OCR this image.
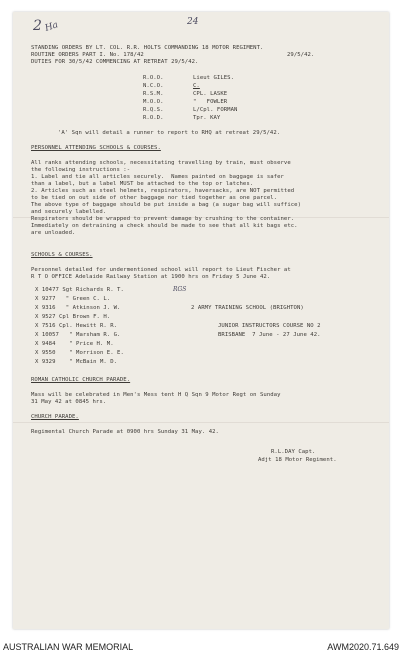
2 Ha	24
STANDING ORDERS BY LT. COL. R.R. HOLTS COMMANDING 18 MOTOR REGIMENT.
ROUTINE ORDERS PART I. No. 178/42	29/5/42.
DUTIES FOR 30/5/42 COMMENCING AT RETREAT 29/5/42.
R.O.O.	Lieut GILES.
N.C.O.	C.
R.S.M.	CPL. LASKE
M.O.O.	"   FOWLER
R.Q.S.	L/Cpl. FORMAN
R.O.D.	Tpr. KAY
'A' Sqn will detail a runner to report to RHQ at retreat 29/5/42.
PERSONNEL ATTENDING SCHOOLS & COURSES.
All ranks attending schools, necessitating travelling by train, must observe
the following instructions :-
1. Label and tie all articles securely.  Names painted on baggage is safer
than a label, but a label MUST be attached to the top or latches.
2. Articles such as steel helmets, respirators, haversacks, are NOT permitted
to be tied on out side of other baggage nor tied together as one parcel.
The above type of baggage should be put inside a bag (a sugar bag will suffice)
and securely labelled.
Respirators should be wrapped to prevent damage by crushing to the container.
Immediately on detraining a check should be made to see that all kit bags etc.
are unloaded.
SCHOOLS & COURSES.
Personnel detailed for undermentioned school will report to Lieut Fischer at
R T O OFFICE Adelaide Railway Station at 1900 hrs on Friday 5 June 42.
X 10477 Sgt Richards R. T.
X 9277 " Green C. L.
X 9316 " Atkinson J. W.
X 9527 Cpl Brown F. H.
X 7516 Cpl. Hewitt R. R.
X 10057 " Marsham R. G.
X 9484 " Price H. M.
X 9550 " Morrison E. E.
X 9329 " McBain M. D.
RGS
2 ARMY TRAINING SCHOOL (BRIGHTON)
JUNIOR INSTRUCTORS COURSE NO 2
BRISBANE  7 June - 27 June 42.
ROMAN CATHOLIC CHURCH PARADE.
Mass will be celebrated in Men's Mess tent H Q Sqn 9 Motor Regt on Sunday
31 May 42 at 0845 hrs.
CHURCH PARADE.
Regimental Church Parade at 0900 hrs Sunday 31 May. 42.
R.L.DAY Capt.
Adjt 18 Motor Regiment.
AUSTRALIAN WAR MEMORIAL	AWM2020.71.649
